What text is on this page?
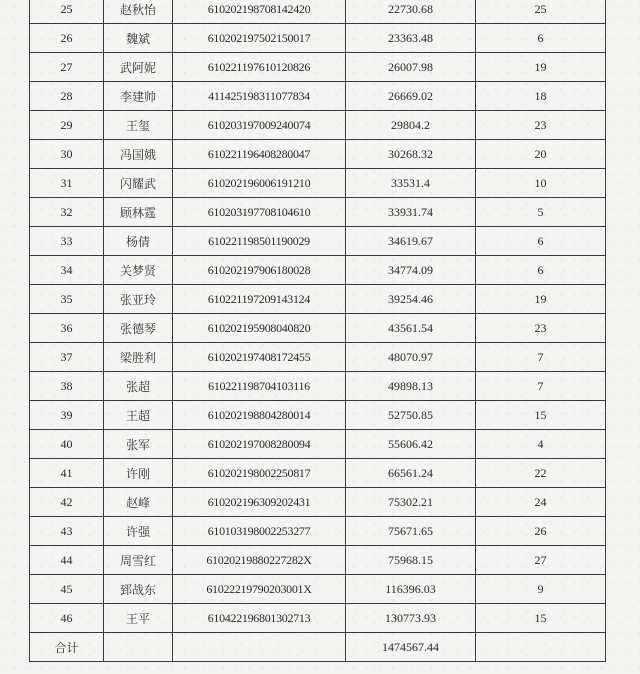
25	赵秋怡	610202198708142420	22730.68	25
26	魏斌	610202197502150017	23363.48	6
27	武阿妮	610221197610120826	26007.98	19
28	李建帅	411425198311077834	26669.02	18
29	王玺	610203197009240074	29804.2	23
30	冯国娥	610221196408280047	30268.32	20
31	闪耀武	610202196006191210	33531.4	10
32	顾林霆	610203197708104610	33931.74	5
33	杨倩	610221198501190029	34619.67	6
34	关梦贤	610202197906180028	34774.09	6
35	张亚玲	610221197209143124	39254.46	19
36	张德琴	610202195908040820	43561.54	23
37	梁胜利	610202197408172455	48070.97	7
38	张超	610221198704103116	49898.13	7
39	王超	610202198804280014	52750.85	15
40	张军	610202197008280094	55606.42	4
41	许刚	610202198002250817	66561.24	22
42	赵峰	610202196309202431	75302.21	24
43	许强	610103198002253277	75671.65	26
44	周雪红	61020219880227282X	75968.15	27
45	郅战东	61022219790203001X	116396.03	9
46	王平	610422196801302713	130773.93	15
合计			1474567.44	
